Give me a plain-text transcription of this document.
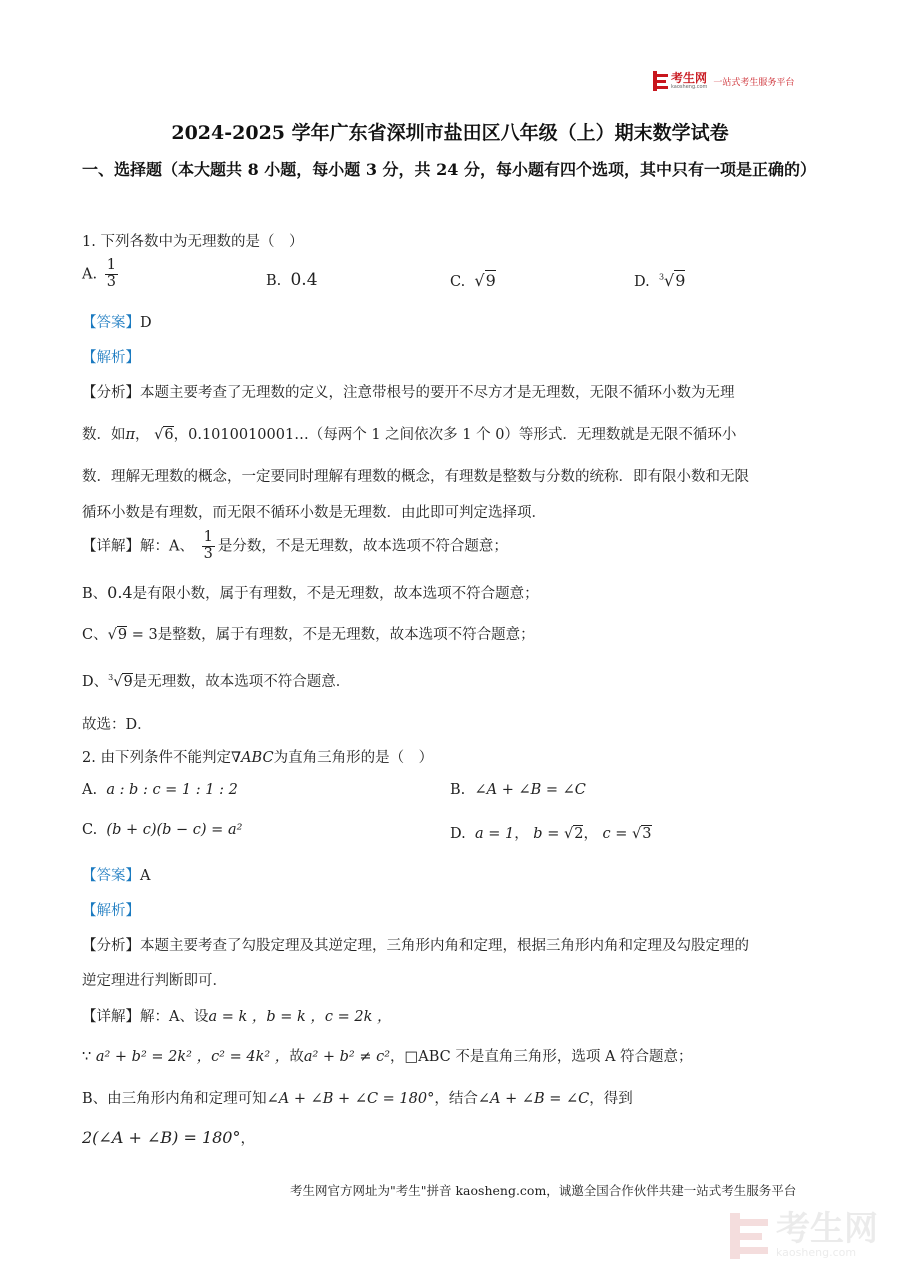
考生网
kaosheng.com 一站式考生服务平台
2024-2025 学年广东省深圳市盐田区八年级（上）期末数学试卷
一、选择题（本大题共 8 小题，每小题 3 分，共 24 分，每小题有四个选项，其中只有一项是正确的）
1. 下列各数中为无理数的是（　）
A. $\frac{1}{3}$	B. 0.4	C. √9	D. $^3$√9
【答案】D
【解析】
【分析】本题主要考查了无理数的定义，注意带根号的要开不尽方才是无理数，无限不循环小数为无理
数．如π， √6，0.1010010001…（每两个 1 之间依次多 1 个 0）等形式．无理数就是无限不循环小
数．理解无理数的概念，一定要同时理解有理数的概念，有理数是整数与分数的统称．即有限小数和无限
循环小数是有理数，而无限不循环小数是无理数．由此即可判定选择项．
【详解】解：A、 $\frac{1}{3}$ 是分数，不是无理数，故本选项不符合题意；
B、0.4是有限小数，属于有理数，不是无理数，故本选项不符合题意；
C、√9 = 3是整数，属于有理数，不是无理数，故本选项不符合题意；
D、$^3$√9是无理数，故本选项不符合题意．
故选：D．
2. 由下列条件不能判定∇ABC为直角三角形的是（　）
A. a : b : c = 1 : 1 : 2	B. ∠A + ∠B = ∠C
C. (b + c)(b − c) = a²	D. a = 1， b = √2， c = √3
【答案】A
【解析】
【分析】本题主要考查了勾股定理及其逆定理，三角形内角和定理，根据三角形内角和定理及勾股定理的
逆定理进行判断即可．
【详解】解：A、设a = k ，b = k ，c = 2k ，
∵ a² + b² = 2k² ，c² = 4k² ，故a² + b² ≠ c²，□ABC 不是直角三角形，选项 A 符合题意；
B、由三角形内角和定理可知∠A + ∠B + ∠C = 180°，结合∠A + ∠B = ∠C，得到
2(∠A + ∠B) = 180°，
考生网官方网址为"考生"拼音 kaosheng.com，诚邀全国合作伙伴共建一站式考生服务平台
考生网
kaosheng.com
